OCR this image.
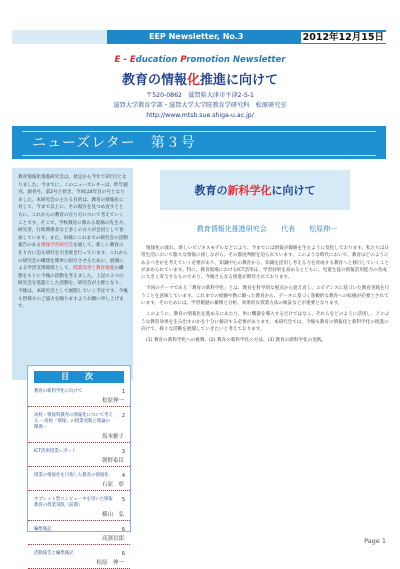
EEP Newsletter, No.3	2012年12月15日
E - Education Promotion Newsletter
教育の情報化推進に向けて
〒520-0862　滋賀県大津市平津2-5-1
滋賀大学教育学部・滋賀大学大学院教育学研究科　松原研究室
http://www.mtsb.sue.shiga-u.ac.jp/
ニューズレター　第３号

教育情報化推進研究会は、発足から今年で3年目となりました。今までに、このニューズレターは、昨年創刊、創刊号、第2号と続き、今回は4年目の号となりました。本研究会の主たる目的は、教育の情報化に対して、今まで以上に、その現在を見つめ直すとともに、これからの教育の在り方について考えていくことです。そこで、学校教育に関わる現場の先生方、研究者、行政関係者など多くの方々が会員として参加しています。また、同様にこれまでの研究会の活動報告のある情報学習研究会を通して、新しい教育の在り方に迫る研究を引き続き行っています。これからの研究会の構想を簡単に紹介させるために、展開による学習支援環境として、授業改善と教育推進の構想をもとに今後の活動を考えました。上記の２つの研究会を基盤とした活動を、研究会が主催となり、今後は、本研究会として展開していく予定です。今後も皆様方のご協力を賜りますようお願い申し上げます。

目　次
教育の新科学化に向けて	1
松原伸一
高校・情報科教育の情報化について考える －高校「情報」の授業実践と理論の関係－
2
坂本雅子
ICT活用授業レポート	3
朝野泰臣
授業の情報化を目指した教育の情報化	4
石原　彰
タブレット型コンピュータを用いた情報教育の授業実践（前期）
5
横山　弘
編集後記	6
高濱信郎
活動報告と編集後記	6
松原　伸一
教育の新科学化に向けて
教育情報化推進研究会 代表 松原伸一

情報化の流れ、新しいビジネスモデルなどにより、今までには情報が価値を生むように変化しております。私たちは日常生活において膨大な情報に接しながら、その都度判断を迫られています。このような時代において、教育はどのようにあるべきかを考えていく必要があり、知識中心の教育から、知識を活用し考える力を育成する教育へと移行していくことが求められています。特に、教育現場におけるICT活用は、学習効果を高めるとともに、児童生徒の情報活用能力の育成に大きく寄与するものであり、今後さらなる推進が期待されております。

今回のテーマである「教育の新科学化」とは、教育を科学的な視点から捉え直し、エビデンスに基づいた教育実践を行うことを意味しています。これまでの経験や勘に頼った教育から、データに基づく客観的な教育への転換が必要とされています。そのためには、学習履歴の蓄積と分析、効果的な授業方法の検証などが重要となります。

このように、教育の情報化を進めるにあたり、単に機器を導入するだけではなく、それらをどのように活用し、どのような教育効果を生み出すのかを十分に検討する必要があります。本研究会では、今後も教育の情報化と新科学化の推進に向けて、様々な活動を展開していきたいと考えております。

(1) 教育の新科学化への挑戦、(2) 教育の新科学化の方法、(3) 教育の新科学化の実践。

Page 1
